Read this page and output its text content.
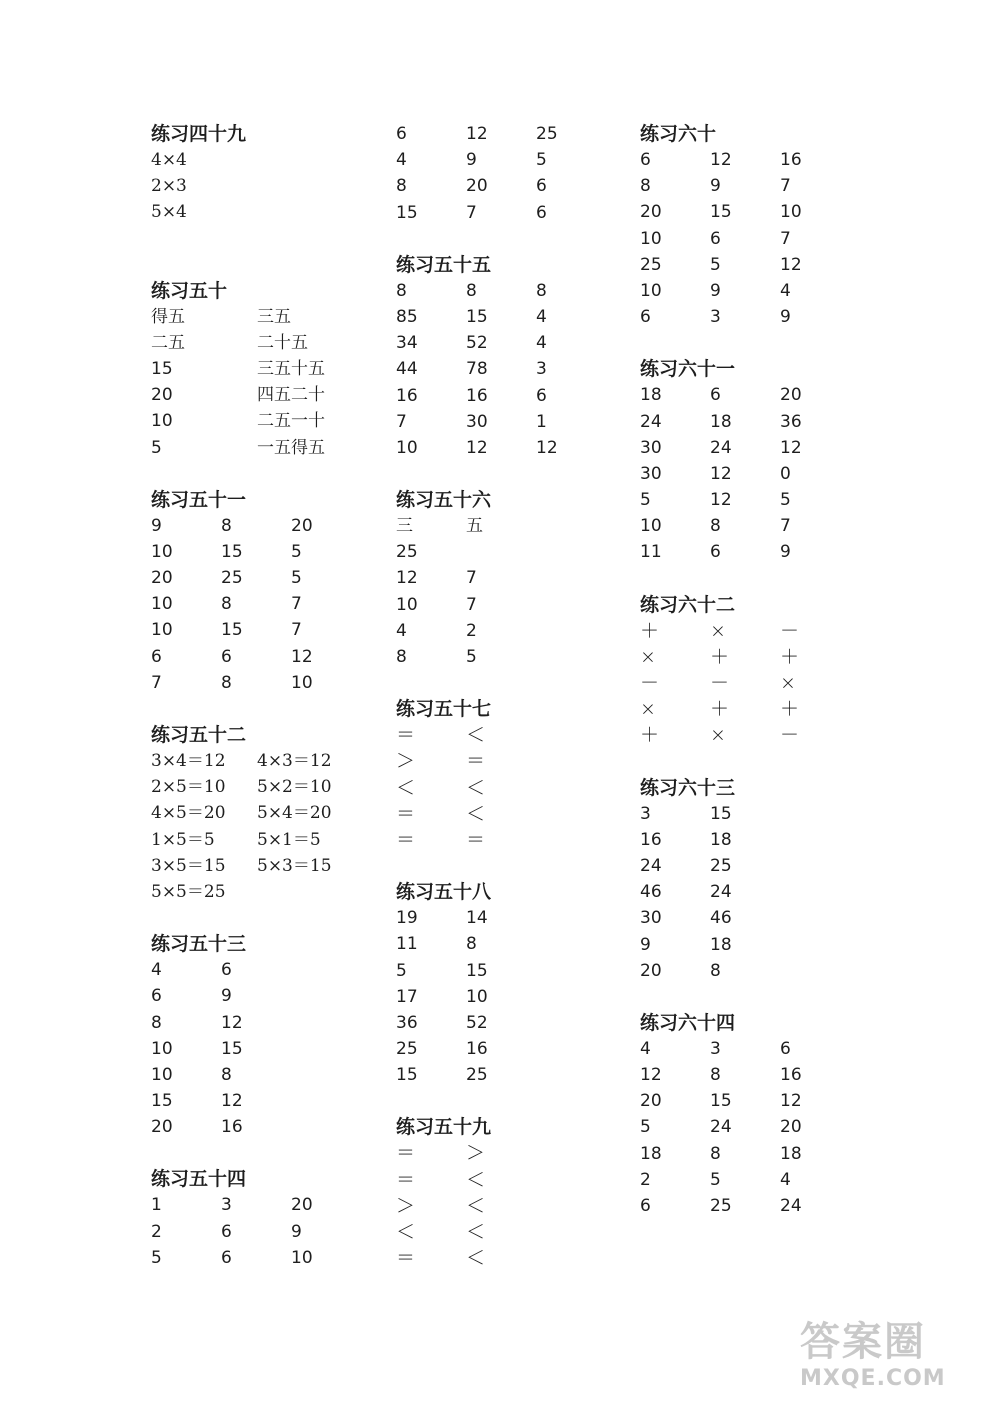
练习四十九
4×4
2×3
5×4
练习五十
得五	三五
二五	二十五
15	三五十五
20	四五二十
10	二五一十
5	一五得五
练习五十一
9	8	20
10	15	5
20	25	5
10	8	7
10	15	7
6	6	12
7	8	10
练习五十二
3×4＝12	4×3＝12
2×5＝10	5×2＝10
4×5＝20	5×4＝20
1×5＝5	5×1＝5
3×5＝15	5×3＝15
5×5＝25
练习五十三
4	6
6	9
8	12
10	15
10	8
15	12
20	16
练习五十四
1	3	20
2	6	9
5	6	10
6	12	25
4	9	5
8	20	6
15	7	6
练习五十五
8	8	8
85	15	4
34	52	4
44	78	3
16	16	6
7	30	1
10	12	12
练习五十六
三	五
25
12	7
10	7
4	2
8	5
练习五十七
＝	＜
＞	＝
＜	＜
＝	＜
＝	＝
练习五十八
19	14
11	8
5	15
17	10
36	52
25	16
15	25
练习五十九
＝	＞
＝	＜
＞	＜
＜	＜
＝	＜
练习六十
6	12	16
8	9	7
20	15	10
10	6	7
25	5	12
10	9	4
6	3	9
练习六十一
18	6	20
24	18	36
30	24	12
30	12	0
5	12	5
10	8	7
11	6	9
练习六十二
＋	×	－
×	＋	＋
－	－	×
×	＋	＋
＋	×	－
练习六十三
3	15
16	18
24	25
46	24
30	46
9	18
20	8
练习六十四
4	3	6
12	8	16
20	15	12
5	24	20
18	8	18
2	5	4
6	25	24
答案圈
MXQE.COM
